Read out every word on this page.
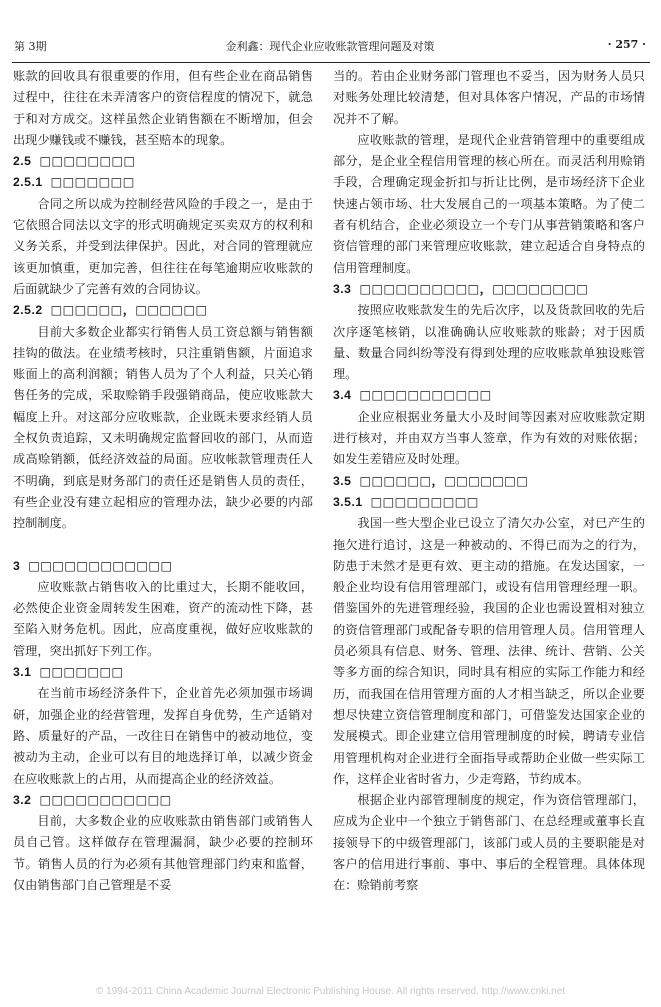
第 3期	金利鑫：现代企业应收账款管理问题及对策	· 257 ·

账款的回收具有很重要的作用，但有些企业在商品销售过程中，往往在未弄清客户的资信程度的情况下，就急于和对方成交。这样虽然企业销售额在不断增加，但会出现少赚钱或不赚钱，甚至赔本的现象。

2.5 □□□□□□□□
2.5.1 □□□□□□□

合同之所以成为控制经营风险的手段之一，是由于它依照合同法以文字的形式明确规定买卖双方的权利和义务关系，并受到法律保护。因此，对合同的管理就应该更加慎重，更加完善，但往往在每笔逾期应收账款的后面就缺少了完善有效的合同协议。

2.5.2 □□□□□□，□□□□□□

目前大多数企业都实行销售人员工资总额与销售额挂钩的做法。在业绩考核时，只注重销售额，片面追求账面上的高利润额；销售人员为了个人利益，只关心销售任务的完成，采取赊销手段强销商品，使应收账款大幅度上升。对这部分应收账款，企业既未要求经销人员全权负责追踪，又未明确规定监督回收的部门，从而造成高赊销额，低经济效益的局面。应收帐款管理责任人不明确，到底是财务部门的责任还是销售人员的责任，有些企业没有建立起相应的管理办法，缺少必要的内部控制制度。

3 □□□□□□□□□□□□

应收账款占销售收入的比重过大，长期不能收回，必然使企业资金周转发生困难，资产的流动性下降，甚至陷入财务危机。因此，应高度重视，做好应收账款的管理，突出抓好下列工作。

3.1 □□□□□□□

在当前市场经济条件下，企业首先必须加强市场调研，加强企业的经营管理，发挥自身优势，生产适销对路、质量好的产品，一改往日在销售中的被动地位，变被动为主动，企业可以有目的地选择订单，以减少资金在应收账款上的占用，从而提高企业的经济效益。

3.2 □□□□□□□□□□□

目前，大多数企业的应收账款由销售部门或销售人员自己管。这样做存在管理漏洞，缺少必要的控制环节。销售人员的行为必须有其他管理部门约束和监督，仅由销售部门自己管理是不妥

当的。若由企业财务部门管理也不妥当，因为财务人员只对账务处理比较清楚，但对具体客户情况，产品的市场情况并不了解。

应收账款的管理，是现代企业营销管理中的重要组成部分，是企业全程信用管理的核心所在。而灵活利用赊销手段，合理确定现金折扣与折让比例，是市场经济下企业快速占领市场、壮大发展自己的一项基本策略。为了使二者有机结合，企业必须设立一个专门从事营销策略和客户资信管理的部门来管理应收账款，建立起适合自身特点的信用管理制度。

3.3 □□□□□□□□□□，□□□□□□□□

按照应收账款发生的先后次序，以及货款回收的先后次序逐笔核销，以准确确认应收账款的账龄；对于因质量、数量合同纠纷等没有得到处理的应收账款单独设账管理。

3.4 □□□□□□□□□□□

企业应根据业务量大小及时间等因素对应收账款定期进行核对，并由双方当事人签章，作为有效的对账依据；如发生差错应及时处理。

3.5 □□□□□□，□□□□□□□
3.5.1 □□□□□□□□□

我国一些大型企业已设立了清欠办公室，对已产生的拖欠进行追讨，这是一种被动的、不得已而为之的行为，防患于未然才是更有效、更主动的措施。在发达国家，一般企业均设有信用管理部门，或设有信用管理经理一职。借鉴国外的先进管理经验，我国的企业也需设置相对独立的资信管理部门或配备专职的信用管理人员。信用管理人员必须具有信息、财务、管理、法律、统计、营销、公关等多方面的综合知识，同时具有相应的实际工作能力和经历，而我国在信用管理方面的人才相当缺乏，所以企业要想尽快建立资信管理制度和部门，可借鉴发达国家企业的发展模式。即企业建立信用管理制度的时候，聘请专业信用管理机构对企业进行全面指导或帮助企业做一些实际工作，这样企业省时省力，少走弯路，节约成本。

根据企业内部管理制度的规定，作为资信管理部门，应成为企业中一个独立于销售部门、在总经理或董事长直接领导下的中级管理部门，该部门或人员的主要职能是对客户的信用进行事前、事中、事后的全程管理。具体体现在：赊销前考察

© 1994-2011 China Academic Journal Electronic Publishing House. All rights reserved. http://www.cnki.net
